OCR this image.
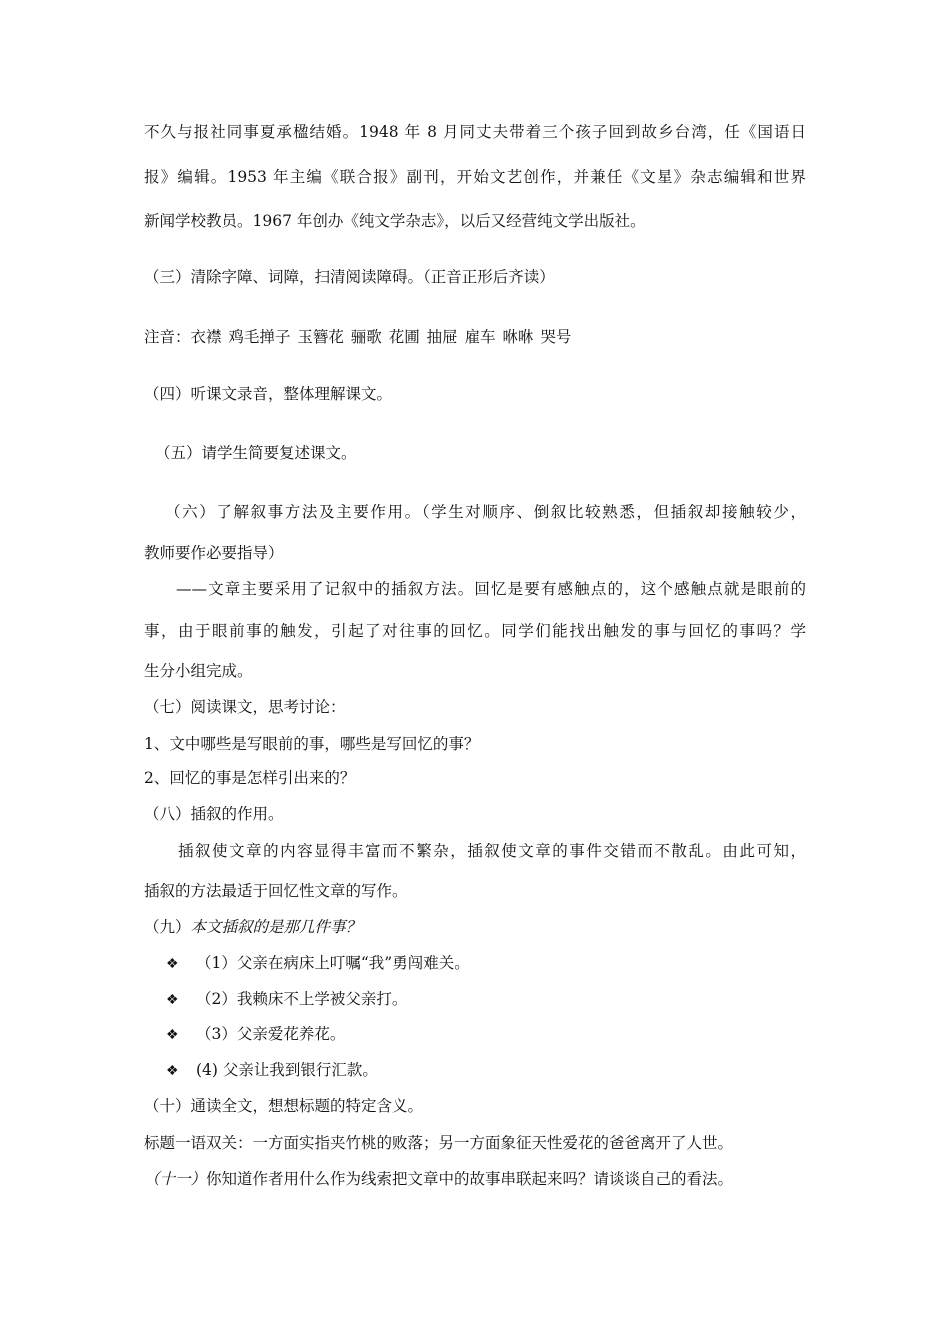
不久与报社同事夏承楹结婚。1948 年 8 月同丈夫带着三个孩子回到故乡台湾，任《国语日
报》编辑。1953 年主编《联合报》副刊，开始文艺创作，并兼任《文星》杂志编辑和世界
新闻学校教员。1967 年创办《纯文学杂志》，以后又经营纯文学出版社。
（三）清除字障、词障，扫清阅读障碍。（正音正形后齐读）
注音：衣襟 鸡毛掸子 玉簪花 骊歌 花圃 抽屉 雇车 咻咻 哭号
（四）听课文录音，整体理解课文。
（五）请学生简要复述课文。
（六）了解叙事方法及主要作用。（学生对顺序、倒叙比较熟悉，但插叙却接触较少，
教师要作必要指导）
——文章主要采用了记叙中的插叙方法。回忆是要有感触点的，这个感触点就是眼前的
事，由于眼前事的触发，引起了对往事的回忆。同学们能找出触发的事与回忆的事吗？学
生分小组完成。
（七）阅读课文，思考讨论：
1、文中哪些是写眼前的事，哪些是写回忆的事？
2、回忆的事是怎样引出来的？
（八）插叙的作用。
插叙使文章的内容显得丰富而不繁杂，插叙使文章的事件交错而不散乱。由此可知，
插叙的方法最适于回忆性文章的写作。
（九）本文插叙的是那几件事？
❖ （1）父亲在病床上叮嘱“我”勇闯难关。
❖ （2）我赖床不上学被父亲打。
❖ （3）父亲爱花养花。
❖ (4) 父亲让我到银行汇款。
（十）通读全文，想想标题的特定含义。
标题一语双关：一方面实指夹竹桃的败落；另一方面象征天性爱花的爸爸离开了人世。
（十一）你知道作者用什么作为线索把文章中的故事串联起来吗？请谈谈自己的看法。
